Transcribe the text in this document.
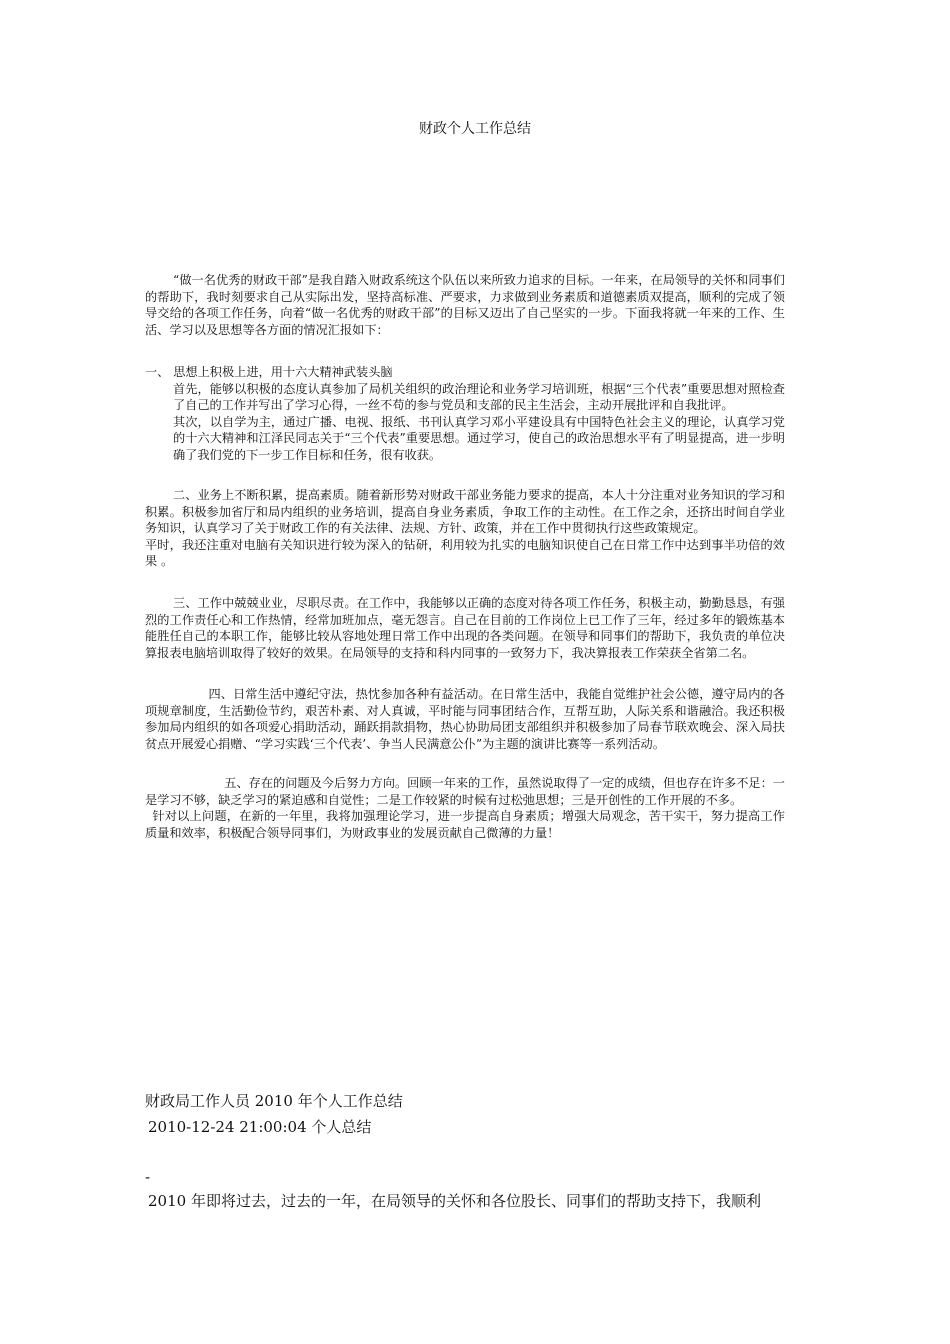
财政个人工作总结

“做一名优秀的财政干部”是我自踏入财政系统这个队伍以来所致力追求的目标。一年来，在局领导的关怀和同事们的帮助下，我时刻要求自己从实际出发，坚持高标准、严要求，力求做到业务素质和道德素质双提高，顺利的完成了领导交给的各项工作任务，向着“做一名优秀的财政干部”的目标又迈出了自己坚实的一步。下面我将就一年来的工作、生活、学习以及思想等各方面的情况汇报如下：

一、 思想上积极上进，用十六大精神武装头脑

首先，能够以积极的态度认真参加了局机关组织的政治理论和业务学习培训班，根据“三个代表”重要思想对照检查了自己的工作并写出了学习心得，一丝不苟的参与党员和支部的民主生活会，主动开展批评和自我批评。

其次，以自学为主，通过广播、电视、报纸、书刊认真学习邓小平建设具有中国特色社会主义的理论，认真学习党的十六大精神和江泽民同志关于“三个代表”重要思想。通过学习，使自己的政治思想水平有了明显提高，进一步明确了我们党的下一步工作目标和任务，很有收获。

二、业务上不断积累，提高素质。随着新形势对财政干部业务能力要求的提高，本人十分注重对业务知识的学习和积累。积极参加省厅和局内组织的业务培训，提高自身业务素质，争取工作的主动性。在工作之余，还挤出时间自学业务知识，认真学习了关于财政工作的有关法律、法规、方针、政策，并在工作中贯彻执行这些政策规定。

平时，我还注重对电脑有关知识进行较为深入的钻研，利用较为扎实的电脑知识使自己在日常工作中达到事半功倍的效果 。

三、工作中兢兢业业，尽职尽责。在工作中，我能够以正确的态度对待各项工作任务，积极主动，勤勤恳恳，有强烈的工作责任心和工作热情，经常加班加点，毫无怨言。自己在目前的工作岗位上已工作了三年，经过多年的锻炼基本能胜任自己的本职工作，能够比较从容地处理日常工作中出现的各类问题。在领导和同事们的帮助下，我负责的单位决算报表电脑培训取得了较好的效果。在局领导的支持和科内同事的一致努力下，我决算报表工作荣获全省第二名。

四、日常生活中遵纪守法，热忱参加各种有益活动。在日常生活中，我能自觉维护社会公德，遵守局内的各项规章制度，生活勤俭节约，艰苦朴素、对人真诚，平时能与同事团结合作，互帮互助，人际关系和谐融洽。我还积极参加局内组织的如各项爱心捐助活动，踊跃捐款捐物，热心协助局团支部组织并积极参加了局春节联欢晚会、深入局扶贫点开展爱心捐赠、“学习实践‘三个代表’、争当人民满意公仆”为主题的演讲比赛等一系列活动。

五、存在的问题及今后努力方向。回顾一年来的工作，虽然说取得了一定的成绩，但也存在许多不足：一是学习不够，缺乏学习的紧迫感和自觉性；二是工作较紧的时候有过松弛思想；三是开创性的工作开展的不多。

针对以上问题，在新的一年里，我将加强理论学习，进一步提高自身素质；增强大局观念，苦干实干，努力提高工作质量和效率，积极配合领导同事们，为财政事业的发展贡献自己微薄的力量！

财政局工作人员 2010 年个人工作总结
2010-12-24 21:00:04 个人总结
-
2010 年即将过去，过去的一年，在局领导的关怀和各位股长、同事们的帮助支持下，我顺利
